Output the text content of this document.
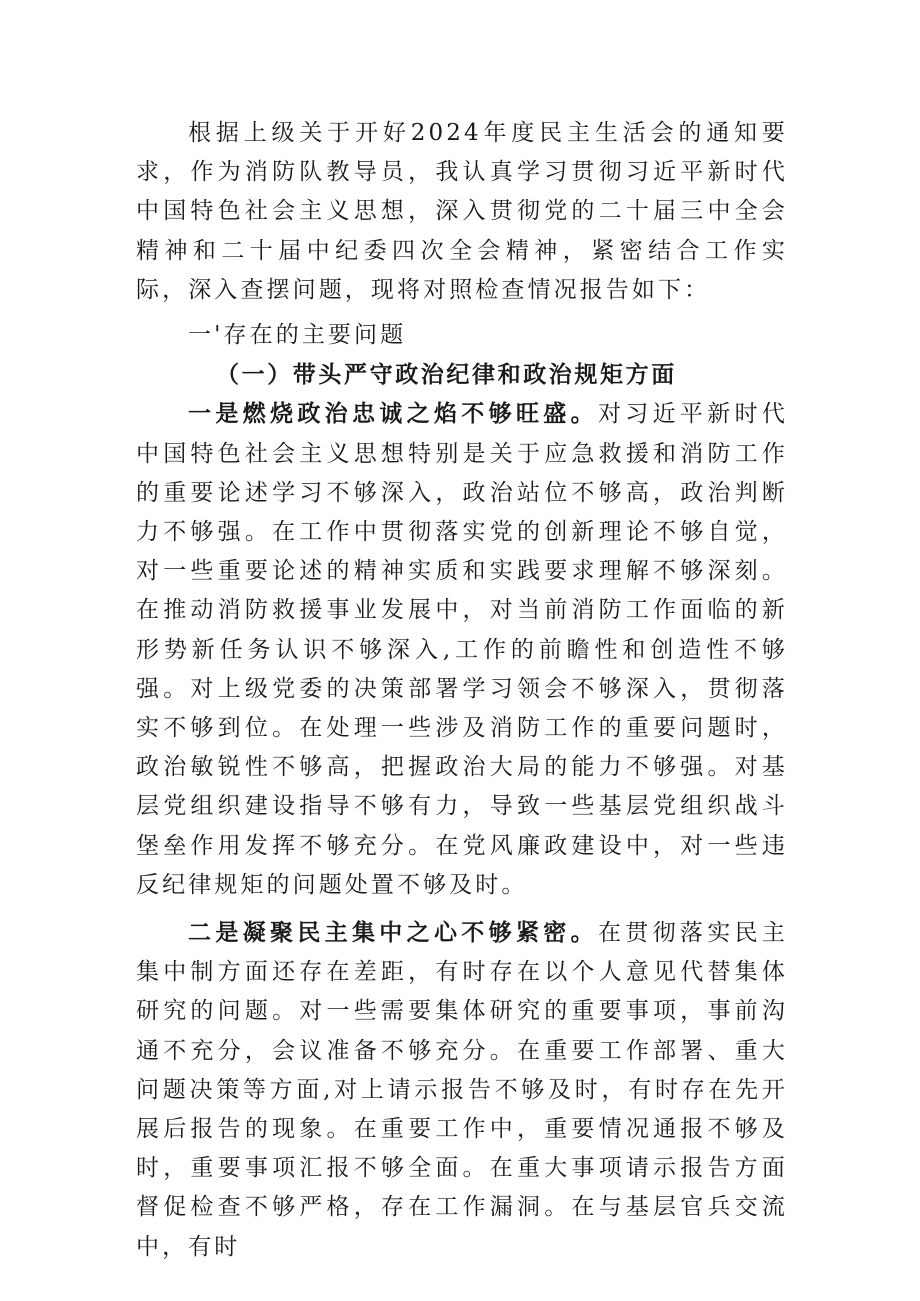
根据上级关于开好2024年度民主生活会的通知要求，作为消防队教导员，我认真学习贯彻习近平新时代中国特色社会主义思想，深入贯彻党的二十届三中全会精神和二十届中纪委四次全会精神，紧密结合工作实际，深入查摆问题，现将对照检查情况报告如下：

一'存在的主要问题

（一）带头严守政治纪律和政治规矩方面

一是燃烧政治忠诚之焰不够旺盛。对习近平新时代中国特色社会主义思想特别是关于应急救援和消防工作的重要论述学习不够深入，政治站位不够高，政治判断力不够强。在工作中贯彻落实党的创新理论不够自觉，对一些重要论述的精神实质和实践要求理解不够深刻。在推动消防救援事业发展中，对当前消防工作面临的新形势新任务认识不够深入,工作的前瞻性和创造性不够强。对上级党委的决策部署学习领会不够深入，贯彻落实不够到位。在处理一些涉及消防工作的重要问题时，政治敏锐性不够高，把握政治大局的能力不够强。对基层党组织建设指导不够有力，导致一些基层党组织战斗堡垒作用发挥不够充分。在党风廉政建设中，对一些违反纪律规矩的问题处置不够及时。

二是凝聚民主集中之心不够紧密。在贯彻落实民主集中制方面还存在差距，有时存在以个人意见代替集体研究的问题。对一些需要集体研究的重要事项，事前沟通不充分，会议准备不够充分。在重要工作部署、重大问题决策等方面,对上请示报告不够及时，有时存在先开展后报告的现象。在重要工作中，重要情况通报不够及时，重要事项汇报不够全面。在重大事项请示报告方面督促检查不够严格，存在工作漏洞。在与基层官兵交流中，有时
